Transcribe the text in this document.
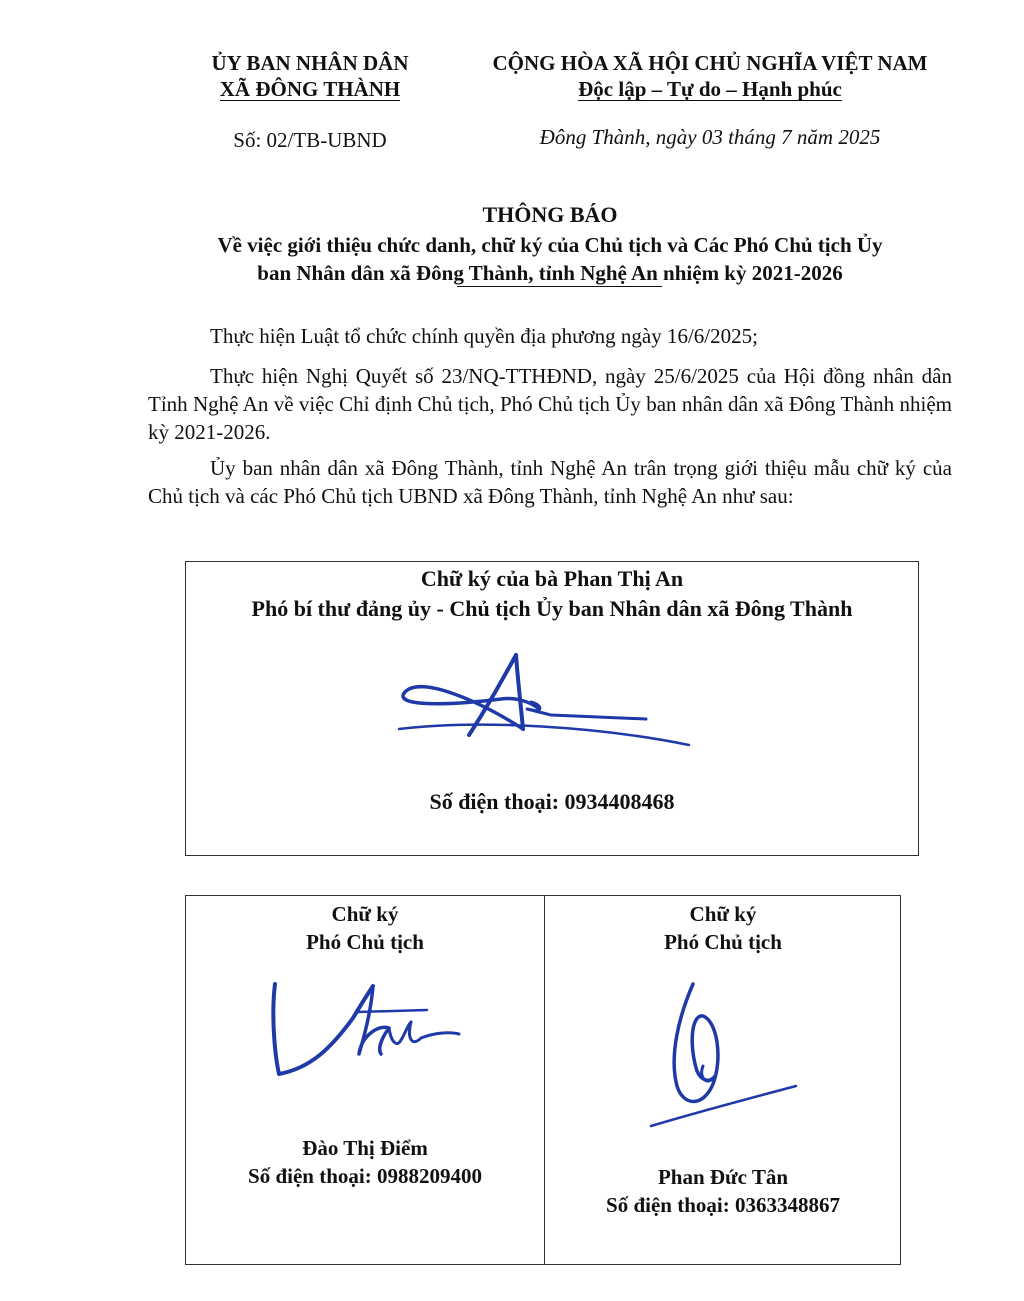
ỦY BAN NHÂN DÂN
XÃ ĐÔNG THÀNH
Số: 02/TB-UBND
CỘNG HÒA XÃ HỘI CHỦ NGHĨA VIỆT NAM
Độc lập – Tự do – Hạnh phúc
Đông Thành, ngày 03 tháng 7 năm 2025
THÔNG BÁO
Về việc giới thiệu chức danh, chữ ký của Chủ tịch và Các Phó Chủ tịch Ủy
ban Nhân dân xã Đông Thành, tỉnh Nghệ An nhiệm kỳ 2021-2026
Thực hiện Luật tổ chức chính quyền địa phương ngày 16/6/2025;
Thực hiện Nghị Quyết số 23/NQ-TTHĐND, ngày 25/6/2025 của Hội đồng nhân dân Tỉnh Nghệ An về việc Chỉ định Chủ tịch, Phó Chủ tịch Ủy ban nhân dân xã Đông Thành nhiệm kỳ 2021-2026.
Ủy ban nhân dân xã Đông Thành, tỉnh Nghệ An trân trọng giới thiệu mẫu chữ ký của Chủ tịch và các Phó Chủ tịch UBND xã Đông Thành, tỉnh Nghệ An như sau:
Chữ ký của bà Phan Thị An
Phó bí thư đảng ủy - Chủ tịch Ủy ban Nhân dân xã Đông Thành
Số điện thoại: 0934408468
Chữ ký
Phó Chủ tịch
Đào Thị Điểm
Số điện thoại: 0988209400
Chữ ký
Phó Chủ tịch
Phan Đức Tân
Số điện thoại: 0363348867
